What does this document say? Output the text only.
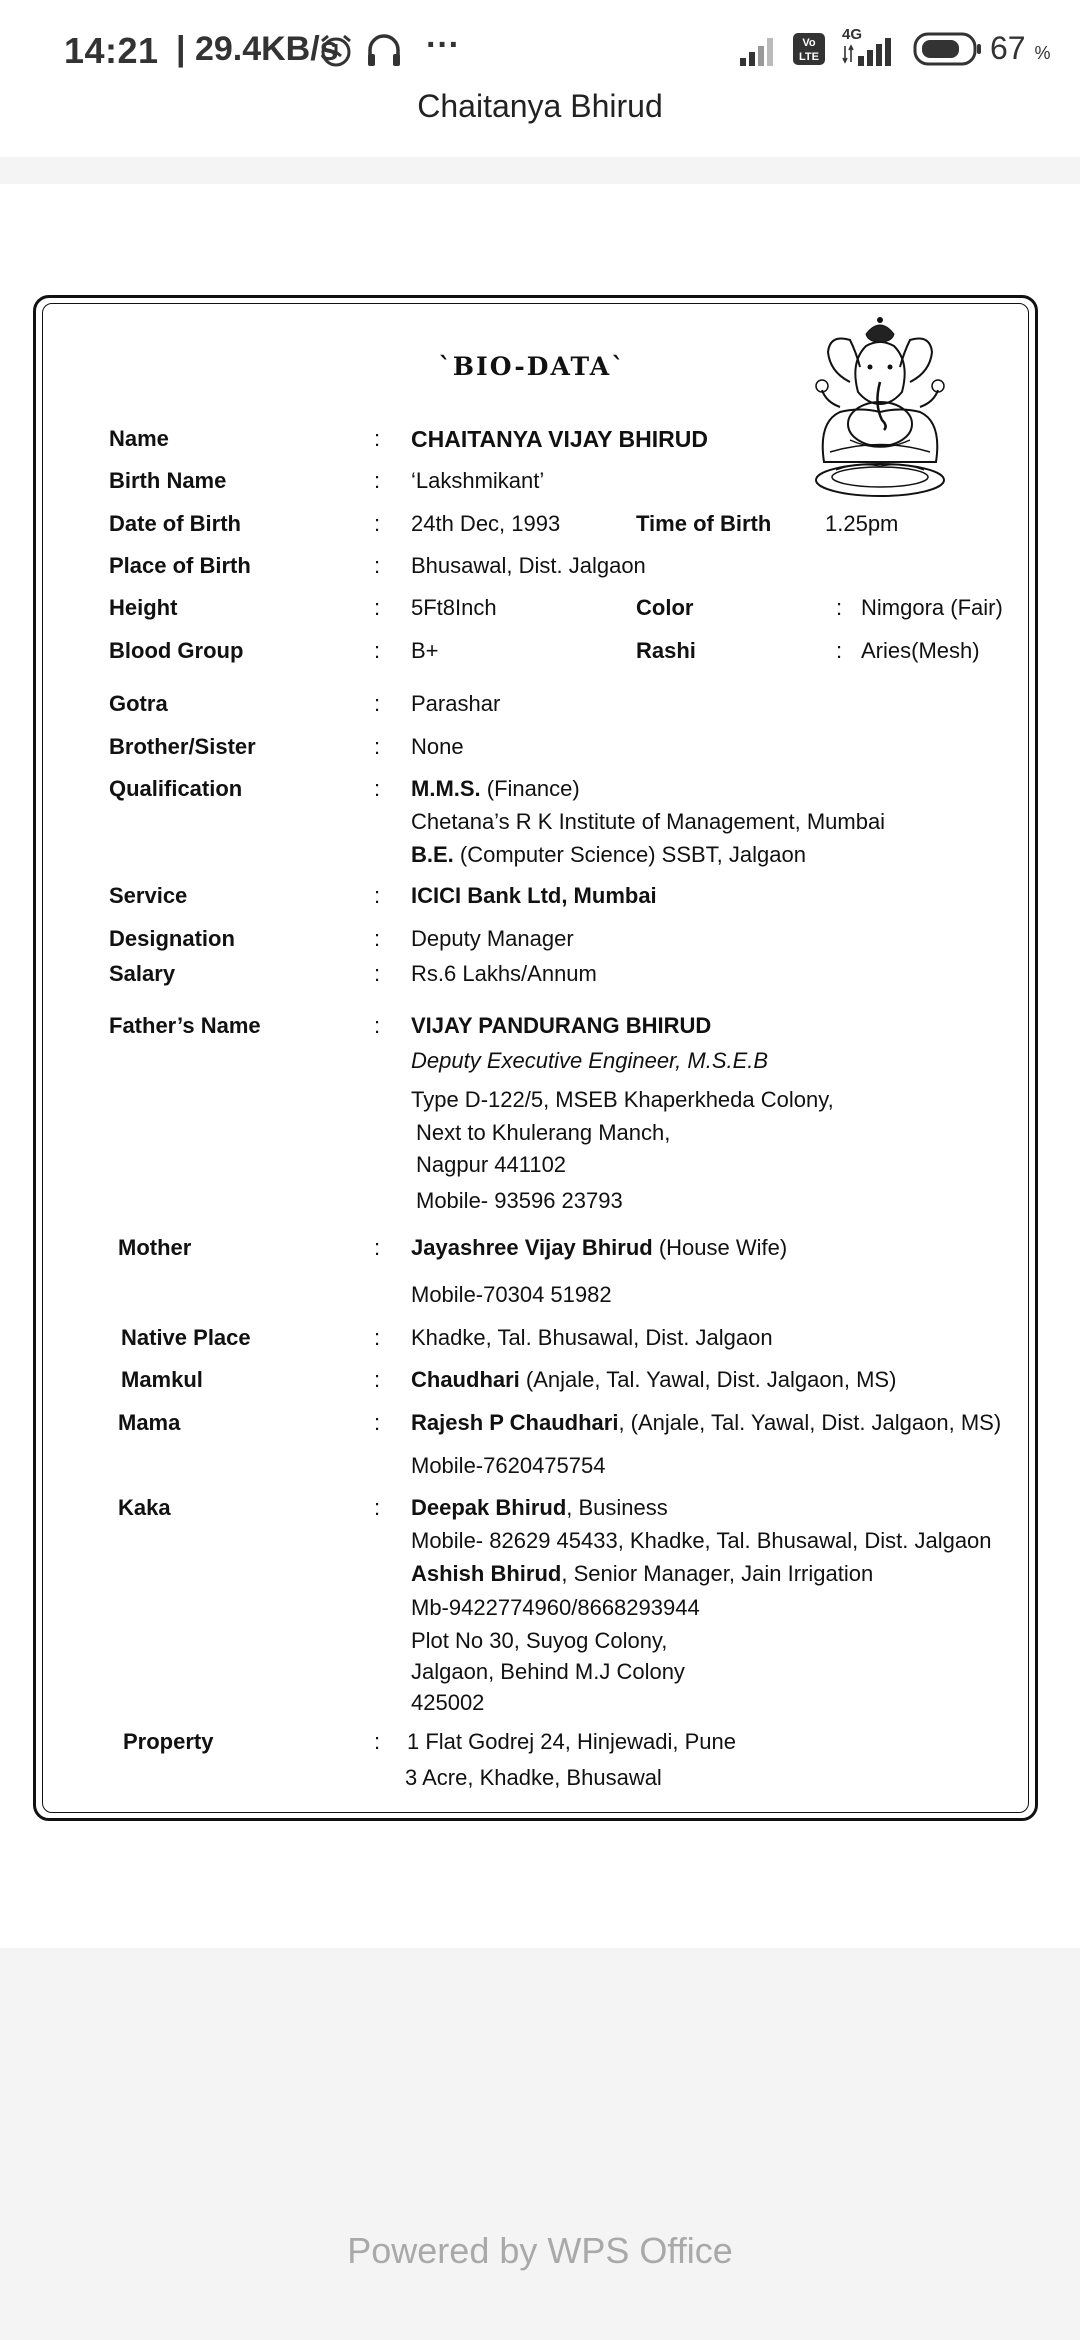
14:21 | 29.4KB/s	···	Vo
LTE
4G	67 %
Chaitanya Bhirud
`BIO-DATA`
Name	: CHAITANYA VIJAY BHIRUD
Birth Name	: ‘Lakshmikant’
Date of Birth	: 24th Dec, 1993	Time of Birth 1.25pm
Place of Birth	: Bhusawal, Dist. Jalgaon
Height	: 5Ft8Inch	Color	: Nimgora (Fair)
Blood Group	: B+	Rashi	: Aries(Mesh)
Gotra	: Parashar
Brother/Sister	: None
Qualification	: M.M.S. (Finance)
Chetana’s R K Institute of Management, Mumbai
B.E. (Computer Science) SSBT, Jalgaon
Service	: ICICI Bank Ltd, Mumbai
Designation	: Deputy Manager
Salary	: Rs.6 Lakhs/Annum
Father’s Name	: VIJAY PANDURANG BHIRUD
Deputy Executive Engineer, M.S.E.B
Type D-122/5, MSEB Khaperkheda Colony,
Next to Khulerang Manch,
Nagpur 441102
Mobile- 93596 23793
Mother	: Jayashree Vijay Bhirud (House Wife)
Mobile-70304 51982
Native Place	: Khadke, Tal. Bhusawal, Dist. Jalgaon
Mamkul	: Chaudhari (Anjale, Tal. Yawal, Dist. Jalgaon, MS)
Mama	: Rajesh P Chaudhari, (Anjale, Tal. Yawal, Dist. Jalgaon, MS)
Mobile-7620475754
Kaka	: Deepak Bhirud, Business
Mobile- 82629 45433, Khadke, Tal. Bhusawal, Dist. Jalgaon
Ashish Bhirud, Senior Manager, Jain Irrigation
Mb-9422774960/8668293944
Plot No 30, Suyog Colony,
Jalgaon, Behind M.J Colony
425002
Property	: 1 Flat Godrej 24, Hinjewadi, Pune
3 Acre, Khadke, Bhusawal
Powered by WPS Office
